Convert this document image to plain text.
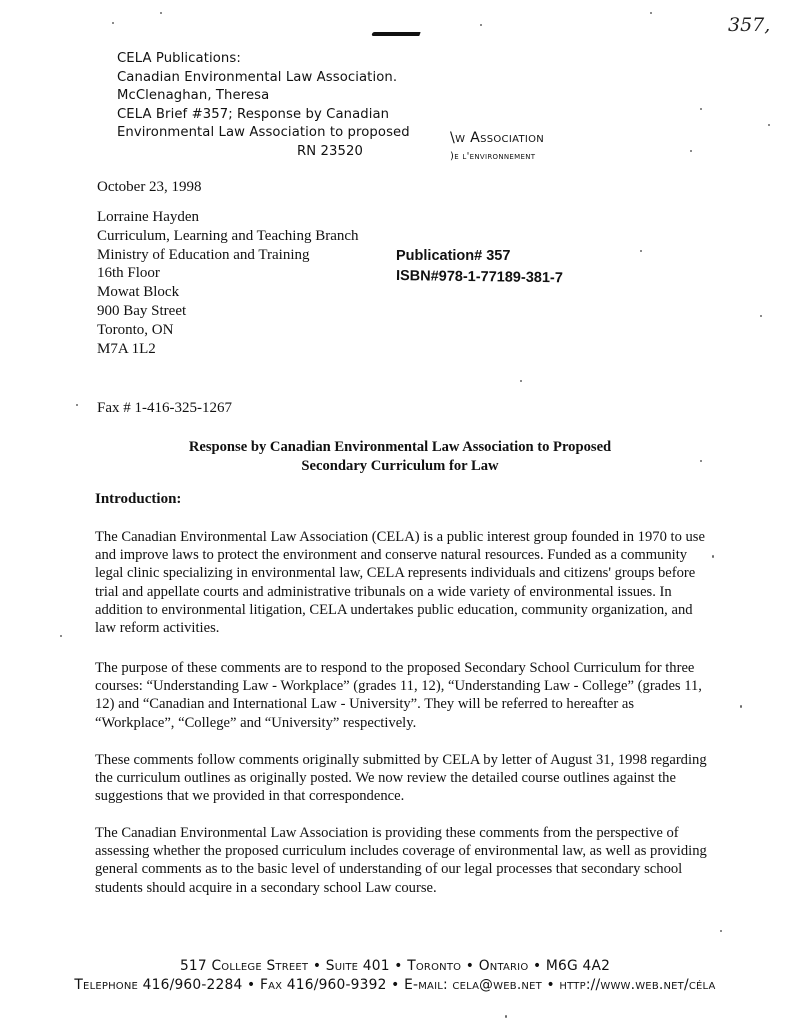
357,
CELA Publications:
Canadian Environmental Law Association.
McClenaghan, Theresa
CELA Brief #357; Response by Canadian
Environmental Law Association to proposed
RN 23520
\w Association
)e l'environnement
October 23, 1998
Lorraine Hayden
Curriculum, Learning and Teaching Branch
Ministry of Education and Training
16th Floor
Mowat Block
900 Bay Street
Toronto, ON
M7A 1L2
Publication# 357
ISBN#978-1-77189-381-7
Fax # 1-416-325-1267
Response by Canadian Environmental Law Association to Proposed
Secondary Curriculum for Law
Introduction:
The Canadian Environmental Law Association (CELA) is a public interest group founded in 1970 to use and improve laws to protect the environment and conserve natural resources. Funded as a community legal clinic specializing in environmental law, CELA represents individuals and citizens' groups before trial and appellate courts and administrative tribunals on a wide variety of environmental issues. In addition to environmental litigation, CELA undertakes public education, community organization, and law reform activities.
The purpose of these comments are to respond to the proposed Secondary School Curriculum for three courses: “Understanding Law - Workplace” (grades 11, 12), “Understanding Law - College” (grades 11, 12) and “Canadian and International Law - University”. They will be referred to hereafter as “Workplace”, “College” and “University” respectively.
These comments follow comments originally submitted by CELA by letter of August 31, 1998 regarding the curriculum outlines as originally posted. We now review the detailed course outlines against the suggestions that we provided in that correspondence.
The Canadian Environmental Law Association is providing these comments from the perspective of assessing whether the proposed curriculum includes coverage of environmental law, as well as providing general comments as to the basic level of understanding of our legal processes that secondary school students should acquire in a secondary school Law course.
517 College Street • Suite 401 • Toronto • Ontario • M6G 4A2
Telephone 416/960-2284 • Fax 416/960-9392 • E-mail: cela@web.net • http://www.web.net/céla
